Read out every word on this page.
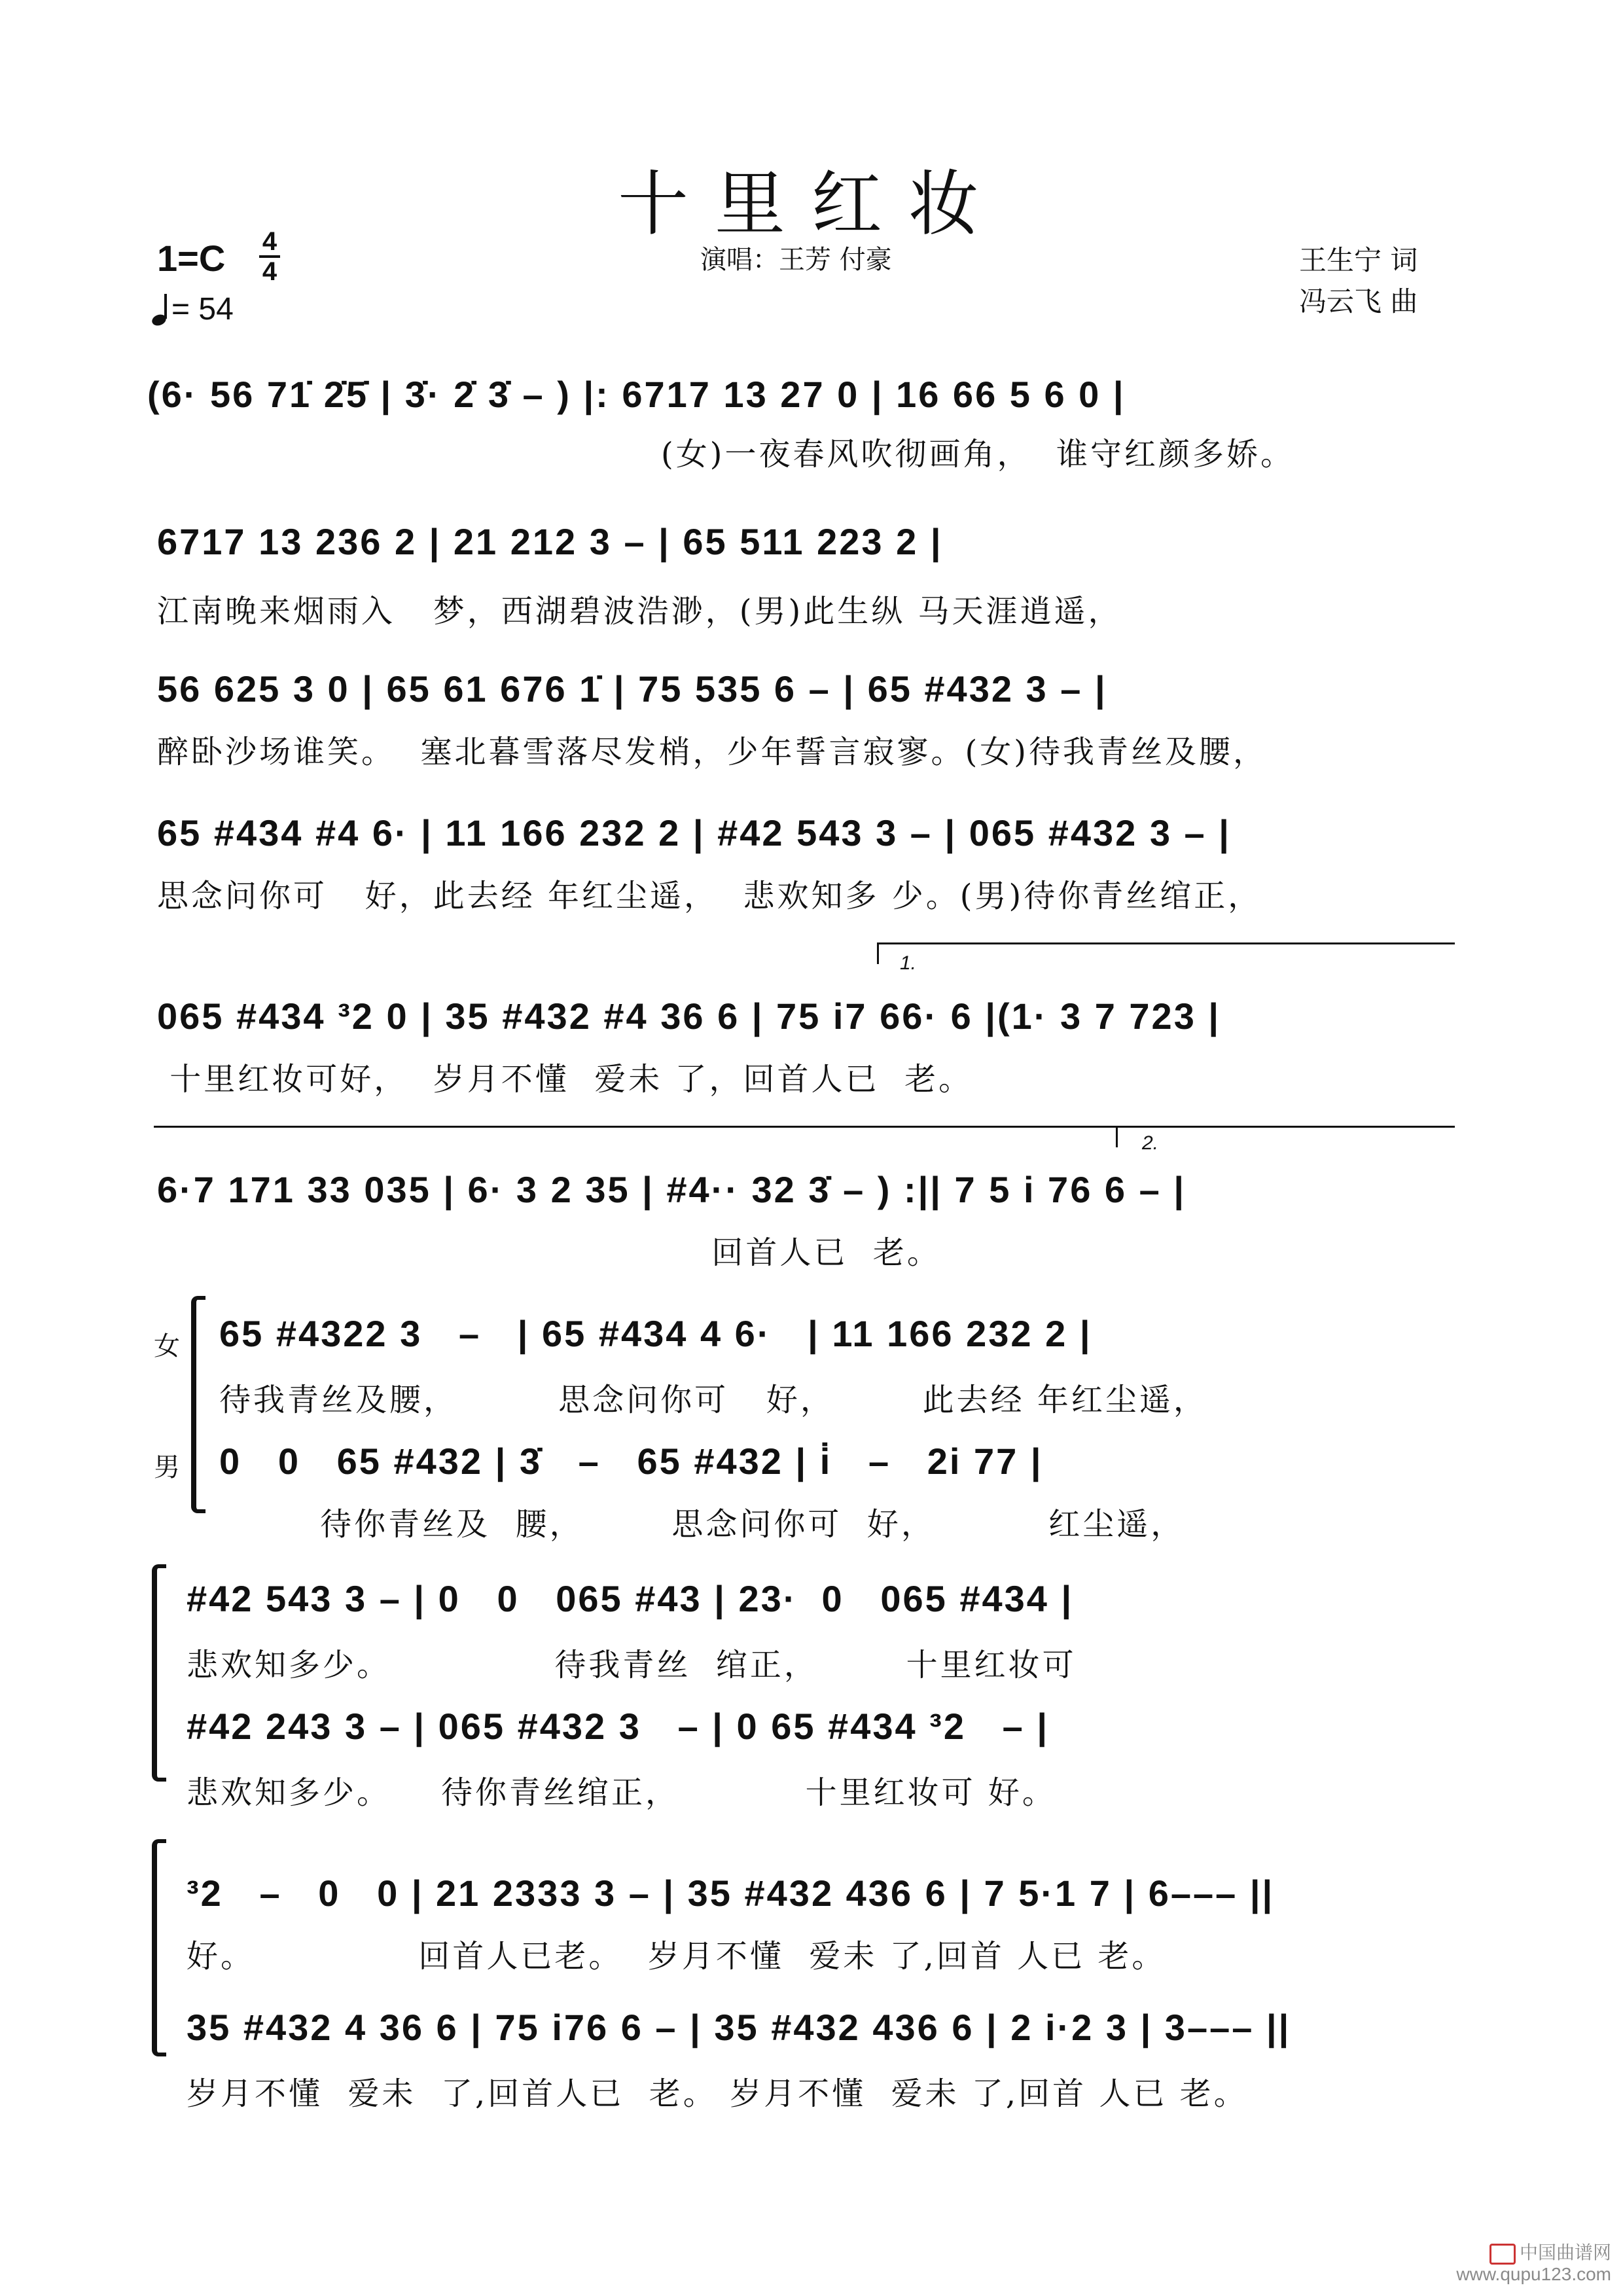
十里红妆
1=C 4
4
= 54
演唱：王芳 付豪	王生宁 词
冯云飞 曲
(6· 56 71̇ 2̇5̇ | 3̇· 2̇ 3̇ – ) |: 6717 13 27 0 | 16 66 5 6 0 |
(女)一夜春风吹彻画角，  谁守红颜多娇。
6717 13 236 2 | 21 212 3 – | 65 511 223 2 |
江南晚来烟雨入   梦，西湖碧波浩渺，(男)此生纵 马天涯逍遥，
56 625 3 0 | 65 61 676 1̇ | 75 535 6 – | 65 #432 3 – |
醉卧沙场谁笑。  塞北暮雪落尽发梢，少年誓言寂寥。(女)待我青丝及腰，
65 #434 #4 6· | 11 166 232 2 | #42 543 3 – | 065 #432 3 – |
思念问你可   好，此去经 年红尘遥，  悲欢知多 少。(男)待你青丝绾正，
1.
065 #434 ³2 0 | 35 #432 #4 36 6 | 75 i7 66· 6 |(1· 3 7 723 |
十里红妆可好，  岁月不懂  爱未 了，回首人已  老。
2.
6·7 171 33 035 | 6· 3 2 35 | #4·· 32 3̇ – ) :|| 7 5 i 76 6 – |
回首人已  老。
女
男
65 #4322 3   –   | 65 #434 4 6·   | 11 166 232 2 |
待我青丝及腰，        思念问你可   好，       此去经 年红尘遥，
0   0   65 #432 | 3̇   –   65 #432 | i̇   –   2i 77 |
待你青丝及  腰，       思念问你可  好，         红尘遥，
#42 543 3 – | 0   0   065 #43 | 23·  0   065 #434 |
悲欢知多少。             待我青丝  绾正，       十里红妆可
#42 243 3 – | 065 #432 3   – | 0 65 #434 ³2   – |
悲欢知多少。    待你青丝绾正，          十里红妆可 好。
³2   –   0   0 | 21 2333 3 – | 35 #432 436 6 | 7 5·1 7 | 6––– ||
好。             回首人已老。  岁月不懂  爱未 了,回首 人已 老。
35 #432 4 36 6 | 75 i76 6 – | 35 #432 436 6 | 2 i·2 3 | 3––– ||
岁月不懂  爱未  了,回首人已  老。 岁月不懂  爱未 了,回首 人已 老。
中国曲谱网
www.qupu123.com
